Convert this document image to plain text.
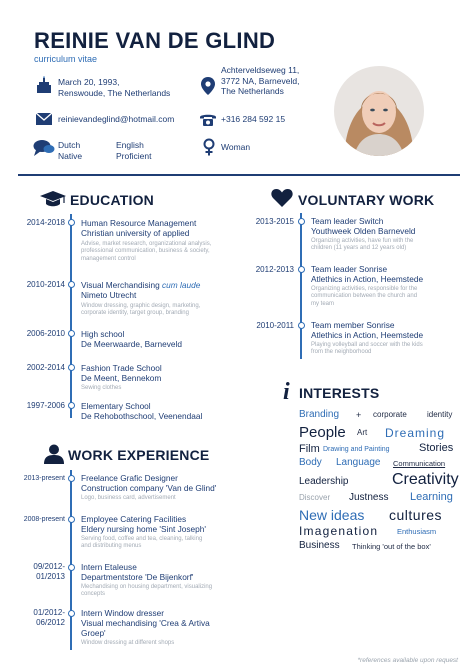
REINIE VAN DE GLIND
curriculum vitae
March 20, 1993,
Renswoude, The Netherlands
Achterveldseweg 11,
3772 NA, Barneveld,
The Netherlands
reinievandeglind@hotmail.com	+316 284 592 15
Dutch
Native
English
Proficient
Woman
EDUCATION
2014-2018 Human Resource Management
Christian university of applied
Advise, market research, organizational analysis,
professional communication, business & society,
management control
2010-2014 Visual Merchandising cum laude
Nimeto Utrecht
Window dressing, graphic design, marketing,
corporate identity, target group, branding
2006-2010 High school
De Meerwaarde, Barneveld
2002-2014 Fashion Trade School
De Meent, Bennekom
Sewing clothes
1997-2006 Elementary School
De Rehobothschool, Veenendaal
WORK EXPERIENCE
2013-present Freelance Grafic Designer
Construction company 'Van de Glind'
Logo, business card, advertisement
2008-present Employee Catering Facilities
Eldery nursing home 'Sint Joseph'
Serving food, coffee and tea, cleaning, talking
and distributing menus
09/2012-
01/2013
Intern Etaleuse
Departmentstore 'De Bijenkorf'
Mechandising on housing department, visualizing
concepts
01/2012-
06/2012
Intern Window dresser
Visual mechandising 'Crea & Artiva
Groep'
Window dressing at different shops
VOLUNTARY WORK
2013-2015 Team leader Switch
Youthweek Olden Barneveld
Organizing activities, have fun with the
children (11 years and 12 years old)
2012-2013 Team leader Sonrise
Atlethics in Action, Heemstede
Organizing activities, responsible for the
communication between the church and
my team
2010-2011 Team member Sonrise
Atlethics in Action, Heemstede
Playing volleyball and soccer with the kids
from the neighborhood
i INTERESTS
Branding + corporate	identity
People Art Dreaming
Film Drawing and Painting	Stories
Body Language Communication
Leadership	Creativity
Discover Justness Learning
New ideas cultures
Imagenation	Enthusiasm
Business Thinking 'out of the box'
*references available upon request
